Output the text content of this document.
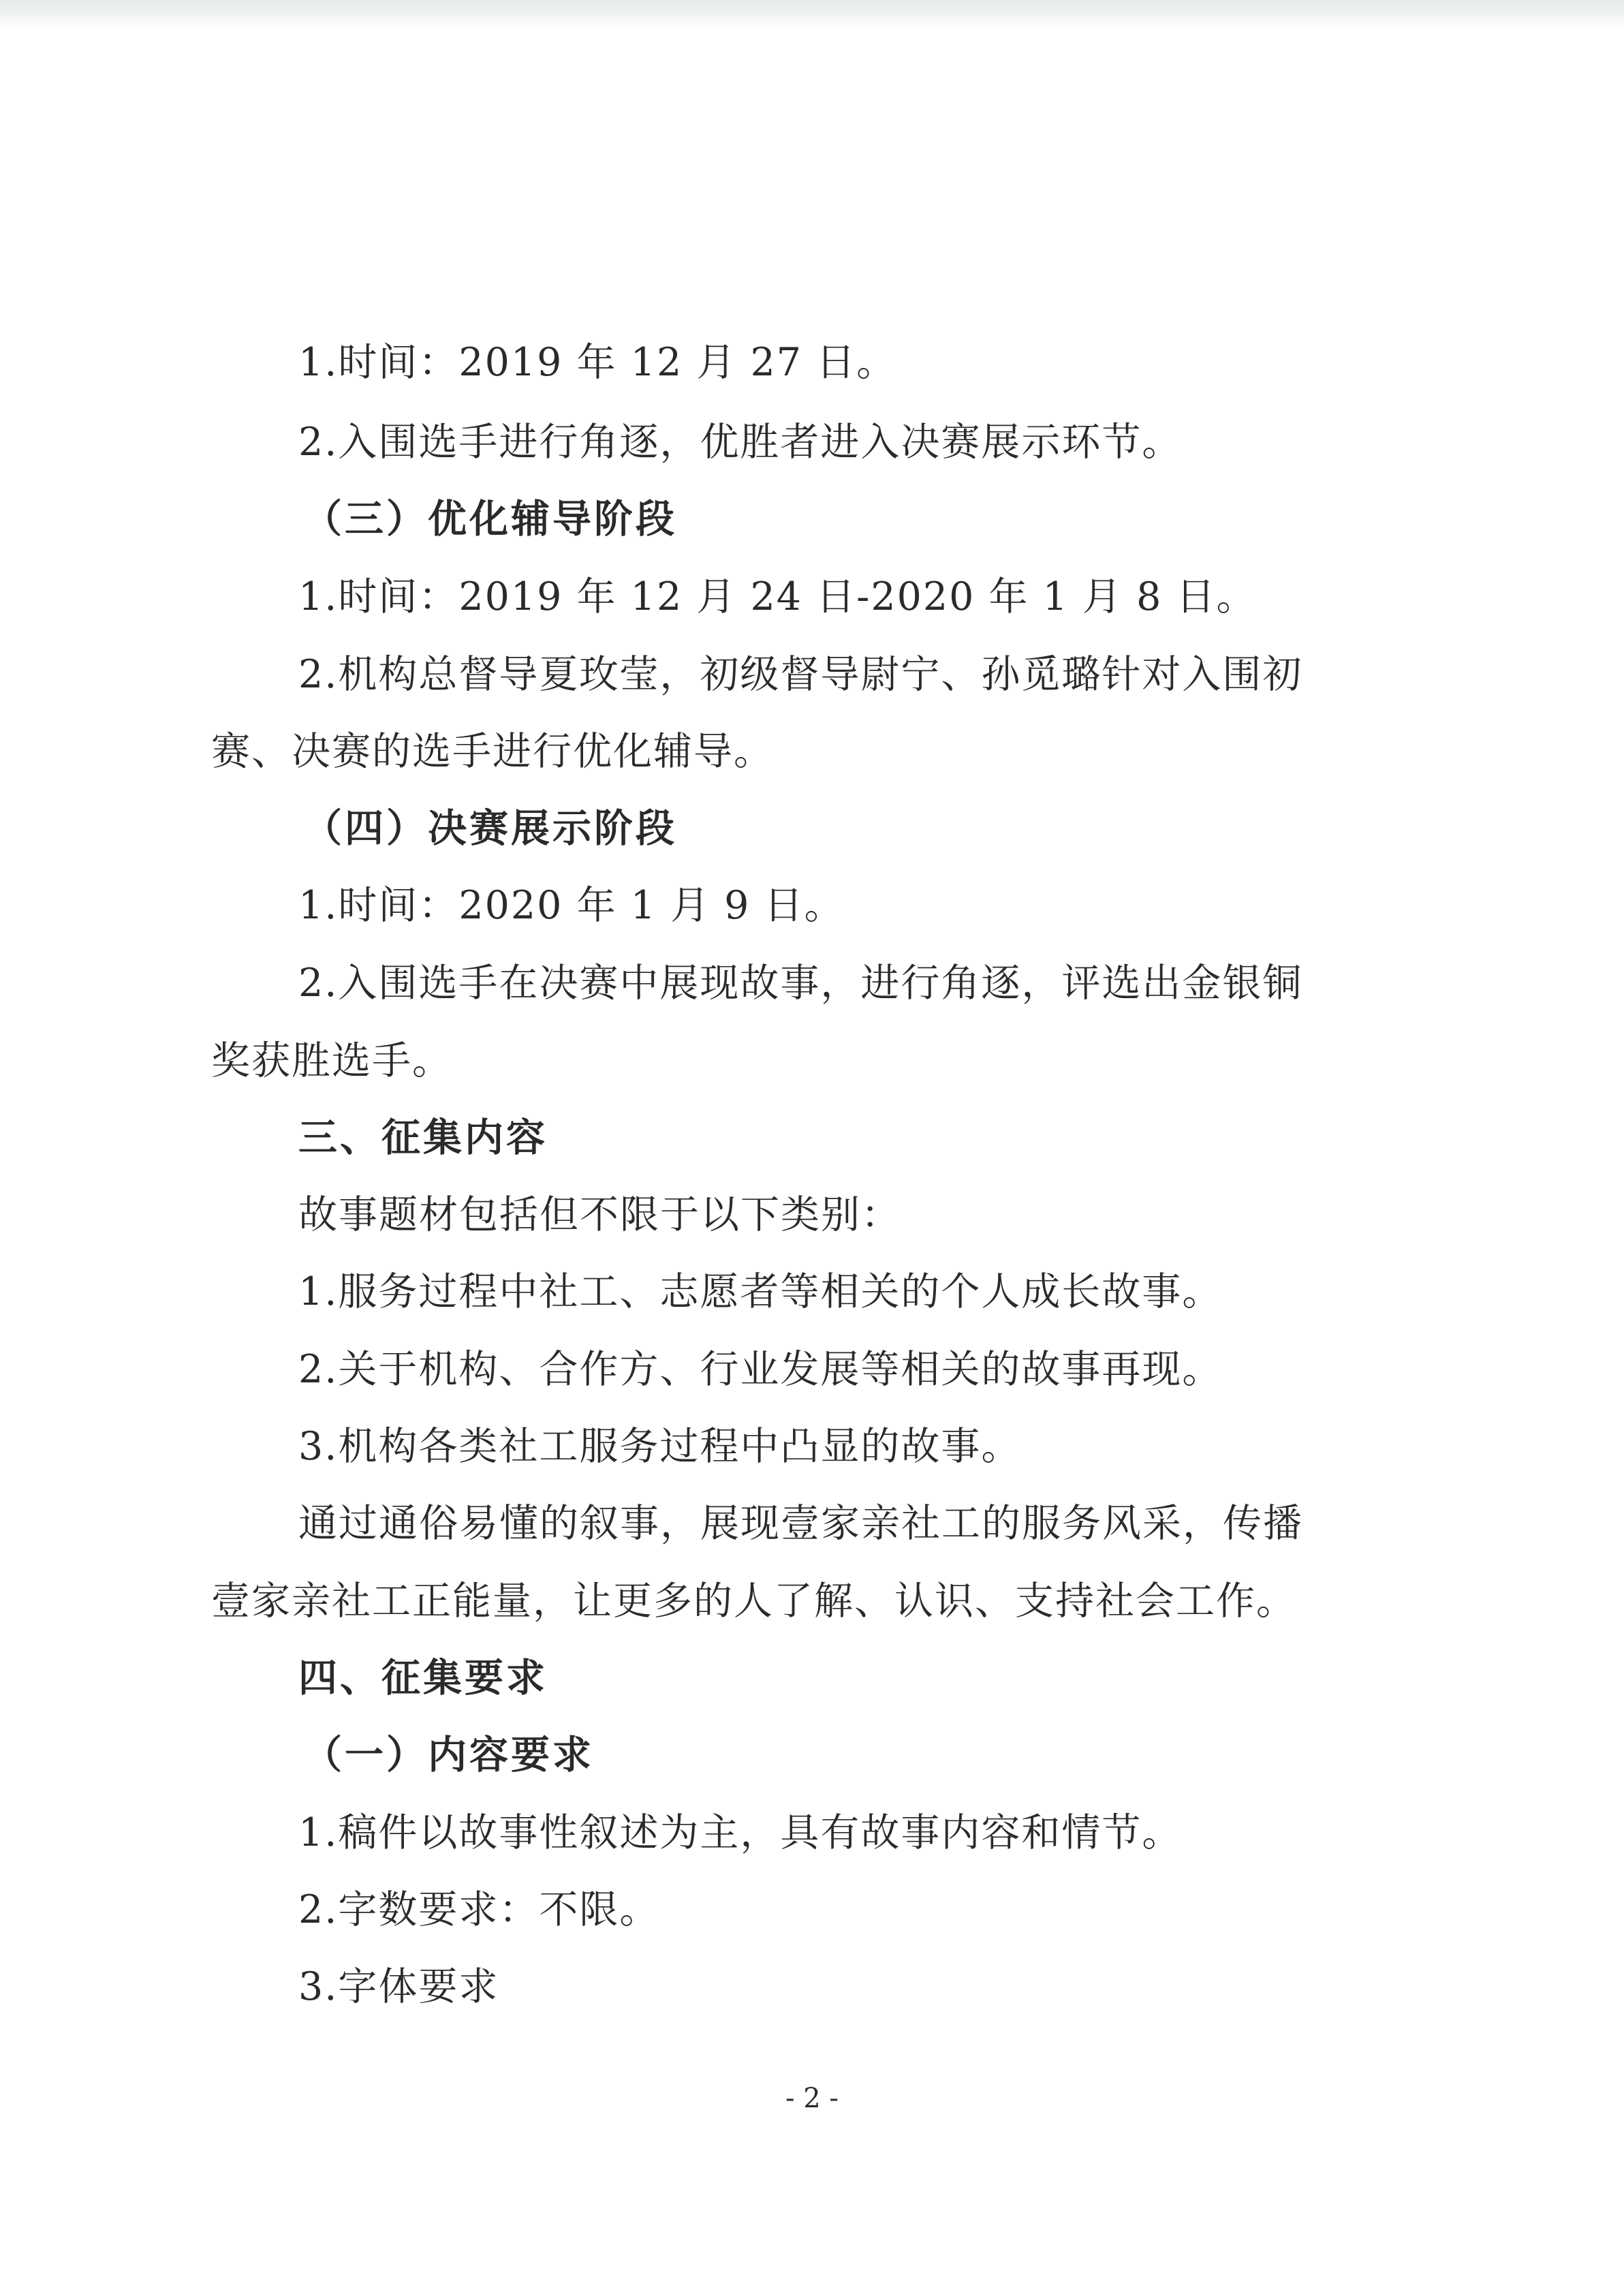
1.时间：2019 年 12 月 27 日。
2.入围选手进行角逐，优胜者进入决赛展示环节。
（三）优化辅导阶段
1.时间：2019 年 12 月 24 日-2020 年 1 月 8 日。
2.机构总督导夏玫莹，初级督导尉宁、孙觅璐针对入围初
赛、决赛的选手进行优化辅导。
（四）决赛展示阶段
1.时间：2020 年 1 月 9 日。
2.入围选手在决赛中展现故事，进行角逐，评选出金银铜
奖获胜选手。
三、征集内容
故事题材包括但不限于以下类别：
1.服务过程中社工、志愿者等相关的个人成长故事。
2.关于机构、合作方、行业发展等相关的故事再现。
3.机构各类社工服务过程中凸显的故事。
通过通俗易懂的叙事，展现壹家亲社工的服务风采，传播
壹家亲社工正能量，让更多的人了解、认识、支持社会工作。
四、征集要求
（一）内容要求
1.稿件以故事性叙述为主，具有故事内容和情节。
2.字数要求：不限。
3.字体要求
- 2 -
